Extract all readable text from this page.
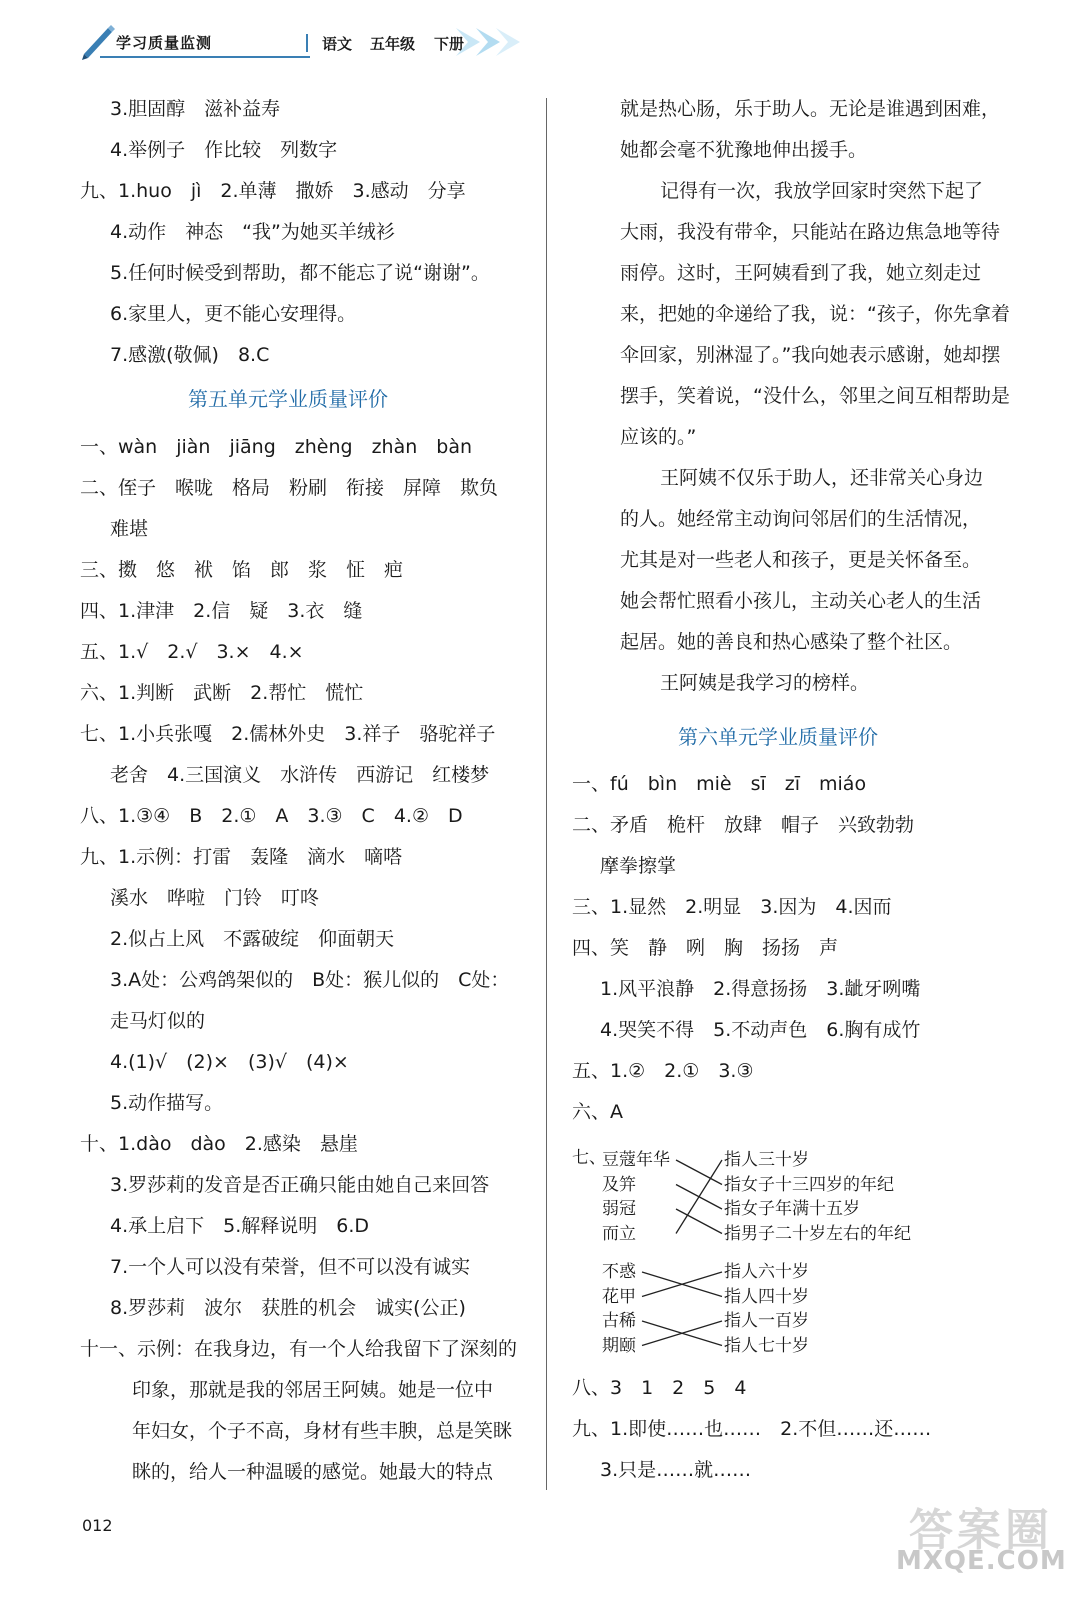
学习质量监测	语文 五年级 下册
3.胆固醇　滋补益寿
4.举例子　作比较　列数字
九、1.huo　jì　2.单薄　撒娇　3.感动　分享
4.动作　神态　“我”为她买羊绒衫
5.任何时候受到帮助，都不能忘了说“谢谢”。
6.家里人，更不能心安理得。
7.感激(敬佩)　8.C
第五单元学业质量评价
一、wàn　jiàn　jiāng　zhèng　zhàn　bàn
二、侄子　喉咙　格局　粉刷　衔接　屏障　欺负
难堪
三、擞　悠　袱　馅　郎　浆　怔　疤
四、1.津津　2.信　疑　3.衣　缝
五、1.√　2.√　3.×　4.×
六、1.判断　武断　2.帮忙　慌忙
七、1.小兵张嘎　2.儒林外史　3.祥子　骆驼祥子
老舍　4.三国演义　水浒传　西游记　红楼梦
八、1.③④　B　2.①　A　3.③　C　4.②　D
九、1.示例：打雷　轰隆　滴水　嘀嗒
溪水　哗啦　门铃　叮咚
2.似占上风　不露破绽　仰面朝天
3.A处：公鸡鸽架似的　B处：猴儿似的　C处：
走马灯似的
4.(1)√　(2)×　(3)√　(4)×
5.动作描写。
十、1.dào　dào　2.感染　悬崖
3.罗莎莉的发音是否正确只能由她自己来回答
4.承上启下　5.解释说明　6.D
7.一个人可以没有荣誉，但不可以没有诚实
8.罗莎莉　波尔　获胜的机会　诚实(公正)
十一、示例：在我身边，有一个人给我留下了深刻的
印象，那就是我的邻居王阿姨。她是一位中
年妇女，个子不高，身材有些丰腴，总是笑眯
眯的，给人一种温暖的感觉。她最大的特点
就是热心肠，乐于助人。无论是谁遇到困难，
她都会毫不犹豫地伸出援手。
记得有一次，我放学回家时突然下起了
大雨，我没有带伞，只能站在路边焦急地等待
雨停。这时，王阿姨看到了我，她立刻走过
来，把她的伞递给了我，说：“孩子，你先拿着
伞回家，别淋湿了。”我向她表示感谢，她却摆
摆手，笑着说，“没什么，邻里之间互相帮助是
应该的。”
王阿姨不仅乐于助人，还非常关心身边
的人。她经常主动询问邻居们的生活情况，
尤其是对一些老人和孩子，更是关怀备至。
她会帮忙照看小孩儿，主动关心老人的生活
起居。她的善良和热心感染了整个社区。
王阿姨是我学习的榜样。
第六单元学业质量评价
一、fú　bìn　miè　sī　zī　miáo
二、矛盾　桅杆　放肆　帽子　兴致勃勃
摩拳擦掌
三、1.显然　2.明显　3.因为　4.因而
四、笑　静　咧　胸　扬扬　声
1.风平浪静　2.得意扬扬　3.龇牙咧嘴
4.哭笑不得　5.不动声色　6.胸有成竹
五、1.②　2.①　3.③
六、A
七、
豆蔻年华
及笄
弱冠
而立
指人三十岁
指女子十三四岁的年纪
指女子年满十五岁
指男子二十岁左右的年纪
不惑
花甲
古稀
期颐
指人六十岁
指人四十岁
指人一百岁
指人七十岁
八、3　1　2　5　4
九、1.即使……也……　2.不但……还……
3.只是……就……
012	答案圈
MXQE.COM
